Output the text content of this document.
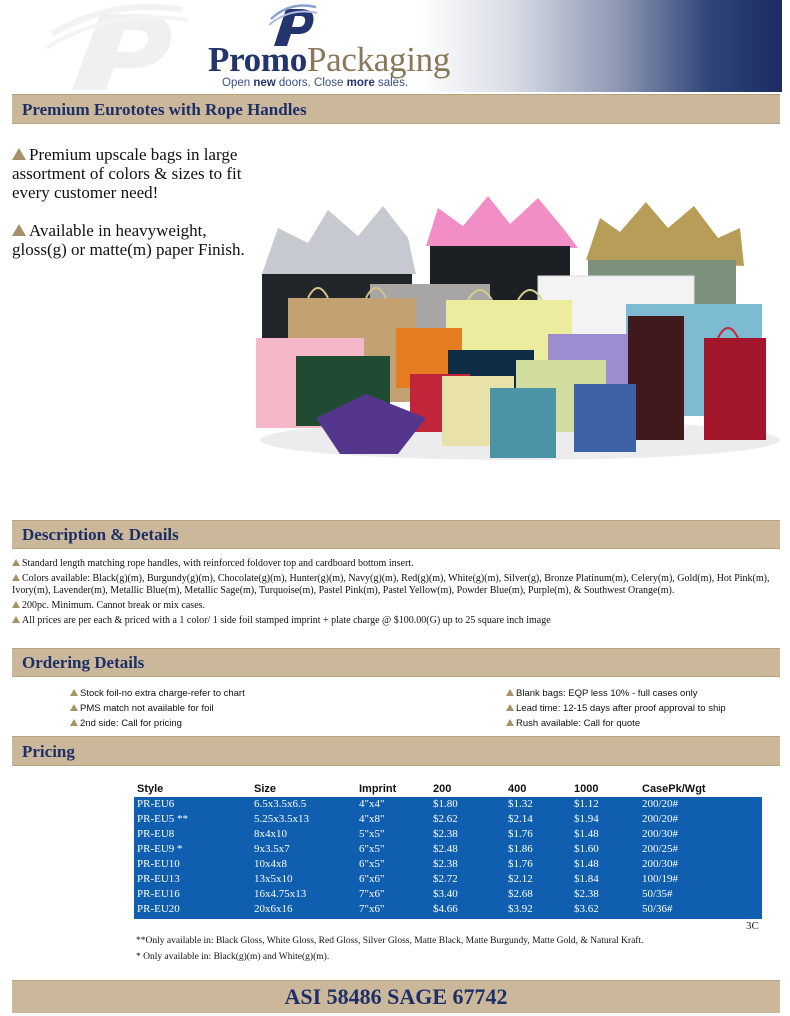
PromoPackaging
Open new doors. Close more sales.
Premium Eurototes with Rope Handles

Premium upscale bags in large assortment of colors & sizes to fit every customer need!

Available in heavyweight, gloss(g) or matte(m) paper Finish.

Description & Details

Standard length matching rope handles, with reinforced foldover top and cardboard bottom insert.

Colors available: Black(g)(m), Burgundy(g)(m), Chocolate(g)(m), Hunter(g)(m), Navy(g)(m), Red(g)(m), White(g)(m), Silver(g), Bronze Platinum(m), Celery(m), Gold(m), Hot Pink(m), Ivory(m), Lavender(m), Metallic Blue(m), Metallic Sage(m), Turquoise(m), Pastel Pink(m), Pastel Yellow(m), Powder Blue(m), Purple(m), & Southwest Orange(m).

200pc. Minimum. Cannot break or mix cases.

All prices are per each & priced with a 1 color/ 1 side foil stamped imprint + plate charge @ $100.00(G) up to 25 square inch image

Ordering Details
Stock foil-no extra charge-refer to chart
PMS match not available for foil
2nd side: Call for pricing
Blank bags: EQP less 10% - full cases only
Lead time: 12-15 days after proof approval to ship
Rush available: Call for quote
Pricing
Style	Size	Imprint	200	400	1000	CasePk/Wgt
PR-EU6	6.5x3.5x6.5	4"x4"	$1.80	$1.32	$1.12	200/20#
PR-EU5 **	5.25x3.5x13	4"x8"	$2.62	$2.14	$1.94	200/20#
PR-EU8	8x4x10	5"x5"	$2.38	$1.76	$1.48	200/30#
PR-EU9 *	9x3.5x7	6"x5"	$2.48	$1.86	$1.60	200/25#
PR-EU10	10x4x8	6"x5"	$2.38	$1.76	$1.48	200/30#
PR-EU13	13x5x10	6"x6"	$2.72	$2.12	$1.84	100/19#
PR-EU16	16x4.75x13	7"x6"	$3.40	$2.68	$2.38	50/35#
PR-EU20	20x6x16	7"x6"	$4.66	$3.92	$3.62	50/36#
3C
**Only available in: Black Gloss, White Gloss, Red Gloss, Silver Gloss, Matte Black, Matte Burgundy, Matte Gold, & Natural Kraft.
* Only available in: Black(g)(m) and White(g)(m).
ASI 58486 SAGE 67742
